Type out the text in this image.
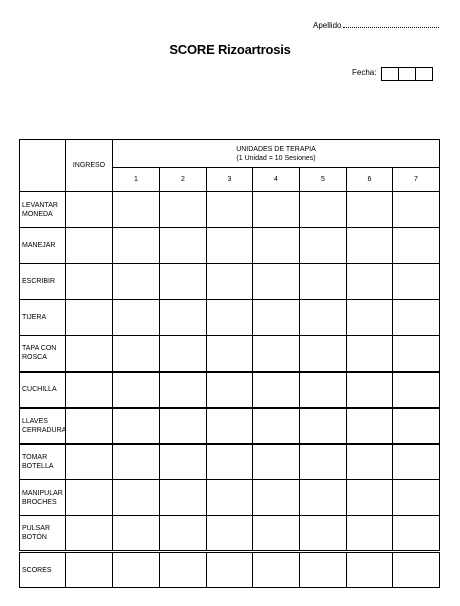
Apellido
SCORE Rizoartrosis
Fecha:
	INGRESO	UNIDADES DE TERAPIA
(1 Unidad = 10 Sesiones)						

		1	2	3	4	5	6	7

LEVANTAR
MONEDA								

MANEJAR								

ESCRIBIR								

TIJERA								

TAPA CON
ROSCA								

CUCHILLA								

LLAVES
CERRADURA								

TOMAR
BOTELLA								

MANIPULAR
BROCHES								

PULSAR
BOTÓN								

SCORES								
